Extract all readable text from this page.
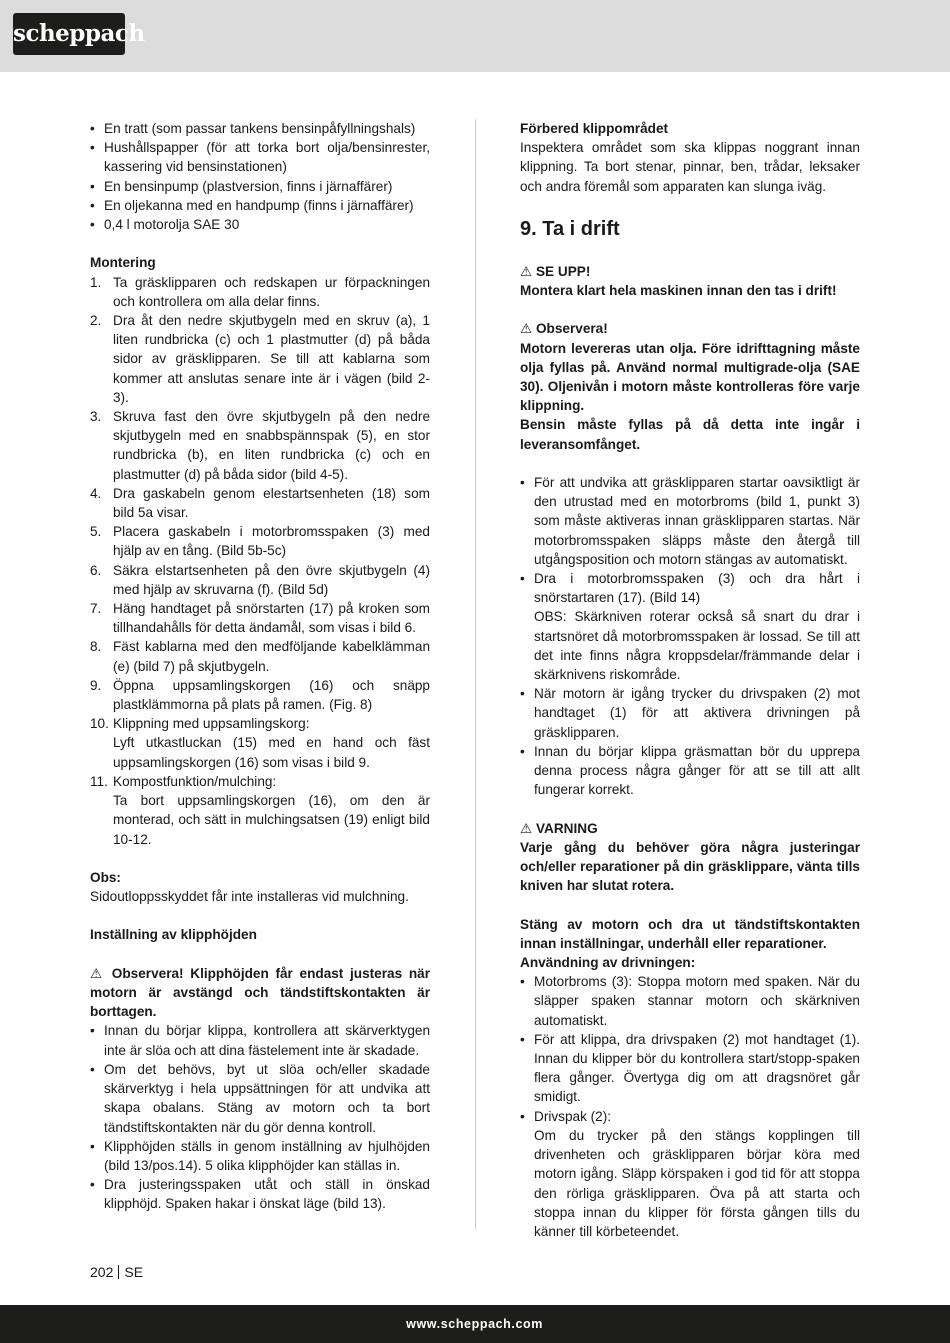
scheppach
• En tratt (som passar tankens bensinpåfyllningshals)
• Hushållspapper (för att torka bort olja/bensinrester, kassering vid bensinstationen)
• En bensinpump (plastversion, finns i järnaffärer)
• En oljekanna med en handpump (finns i järnaffärer)
• 0,4 l motorolja SAE 30

Montering

1. Ta gräsklipparen och redskapen ur förpackningen och kontrollera om alla delar finns.
2. Dra åt den nedre skjutbygeln med en skruv (a), 1 liten rundbricka (c) och 1 plastmutter (d) på båda sidor av gräsklipparen. Se till att kablarna som kommer att anslutas senare inte är i vägen (bild 2-3).
3. Skruva fast den övre skjutbygeln på den nedre skjutbygeln med en snabbspännspak (5), en stor rundbricka (b), en liten rundbricka (c) och en plastmutter (d) på båda sidor (bild 4-5).
4. Dra gaskabeln genom elestartsenheten (18) som bild 5a visar.
5. Placera gaskabeln i motorbromsspaken (3) med hjälp av en tång. (Bild 5b-5c)
6. Säkra elstartsenheten på den övre skjutbygeln (4) med hjälp av skruvarna (f). (Bild 5d)
7. Häng handtaget på snörstarten (17) på kroken som tillhandahålls för detta ändamål, som visas i bild 6.
8. Fäst kablarna med den medföljande kabelklämman (e) (bild 7) på skjutbygeln.
9. Öppna uppsamlingskorgen (16) och snäpp plastklämmorna på plats på ramen. (Fig. 8)
10. Klippning med uppsamlingskorg:
Lyft utkastluckan (15) med en hand och fäst uppsamlingskorgen (16) som visas i bild 9.
11. Kompostfunktion/mulching:
Ta bort uppsamlingskorgen (16), om den är monterad, och sätt in mulchingsatsen (19) enligt bild 10-12.

Obs:

Sidoutloppsskyddet får inte installeras vid mulchning.

Inställning av klipphöjden

⚠ Observera! Klipphöjden får endast justeras när motorn är avstängd och tändstiftskontakten är borttagen.

• Innan du börjar klippa, kontrollera att skärverktygen inte är slöa och att dina fästelement inte är skadade.
• Om det behövs, byt ut slöa och/eller skadade skärverktyg i hela uppsättningen för att undvika att skapa obalans. Stäng av motorn och ta bort tändstiftskontakten när du gör denna kontroll.
• Klipphöjden ställs in genom inställning av hjulhöjden (bild 13/pos.14). 5 olika klipphöjder kan ställas in.
• Dra justeringsspaken utåt och ställ in önskad klipphöjd. Spaken hakar i önskat läge (bild 13).

Förbered klippområdet

Inspektera området som ska klippas noggrant innan klippning. Ta bort stenar, pinnar, ben, trådar, leksaker och andra föremål som apparaten kan slunga iväg.

9. Ta i drift

⚠ SE UPP!

Montera klart hela maskinen innan den tas i drift!

⚠ Observera!

Motorn levereras utan olja. Före idrifttagning måste olja fyllas på. Använd normal multigrade-olja (SAE 30). Oljenivån i motorn måste kontrolleras före varje klippning.

Bensin måste fyllas på då detta inte ingår i leveransomfånget.

• För att undvika att gräsklipparen startar oavsiktligt är den utrustad med en motorbroms (bild 1, punkt 3) som måste aktiveras innan gräsklipparen startas. När motorbromsspaken släpps måste den återgå till utgångsposition och motorn stängas av automatiskt.
• Dra i motorbromsspaken (3) och dra hårt i snörstartaren (17). (Bild 14)
OBS: Skärkniven roterar också så snart du drar i startsnöret då motorbromsspaken är lossad. Se till att det inte finns några kroppsdelar/främmande delar i skärknivens riskområde.
• När motorn är igång trycker du drivspaken (2) mot handtaget (1) för att aktivera drivningen på gräsklipparen.
• Innan du börjar klippa gräsmattan bör du upprepa denna process några gånger för att se till att allt fungerar korrekt.

⚠ VARNING

Varje gång du behöver göra några justeringar och/eller reparationer på din gräsklippare, vänta tills kniven har slutat rotera.

Stäng av motorn och dra ut tändstiftskontakten innan inställningar, underhåll eller reparationer.

Användning av drivningen:

• Motorbroms (3): Stoppa motorn med spaken. När du släpper spaken stannar motorn och skärkniven automatiskt.
• För att klippa, dra drivspaken (2) mot handtaget (1). Innan du klipper bör du kontrollera start/stopp-spaken flera gånger. Övertyga dig om att dragsnöret går smidigt.
• Drivspak (2):
Om du trycker på den stängs kopplingen till drivenheten och gräsklipparen börjar köra med motorn igång. Släpp körspaken i god tid för att stoppa den rörliga gräsklipparen. Öva på att starta och stoppa innan du klipper för första gången tills du känner till körbeteendet.
202 SE
www.scheppach.com
